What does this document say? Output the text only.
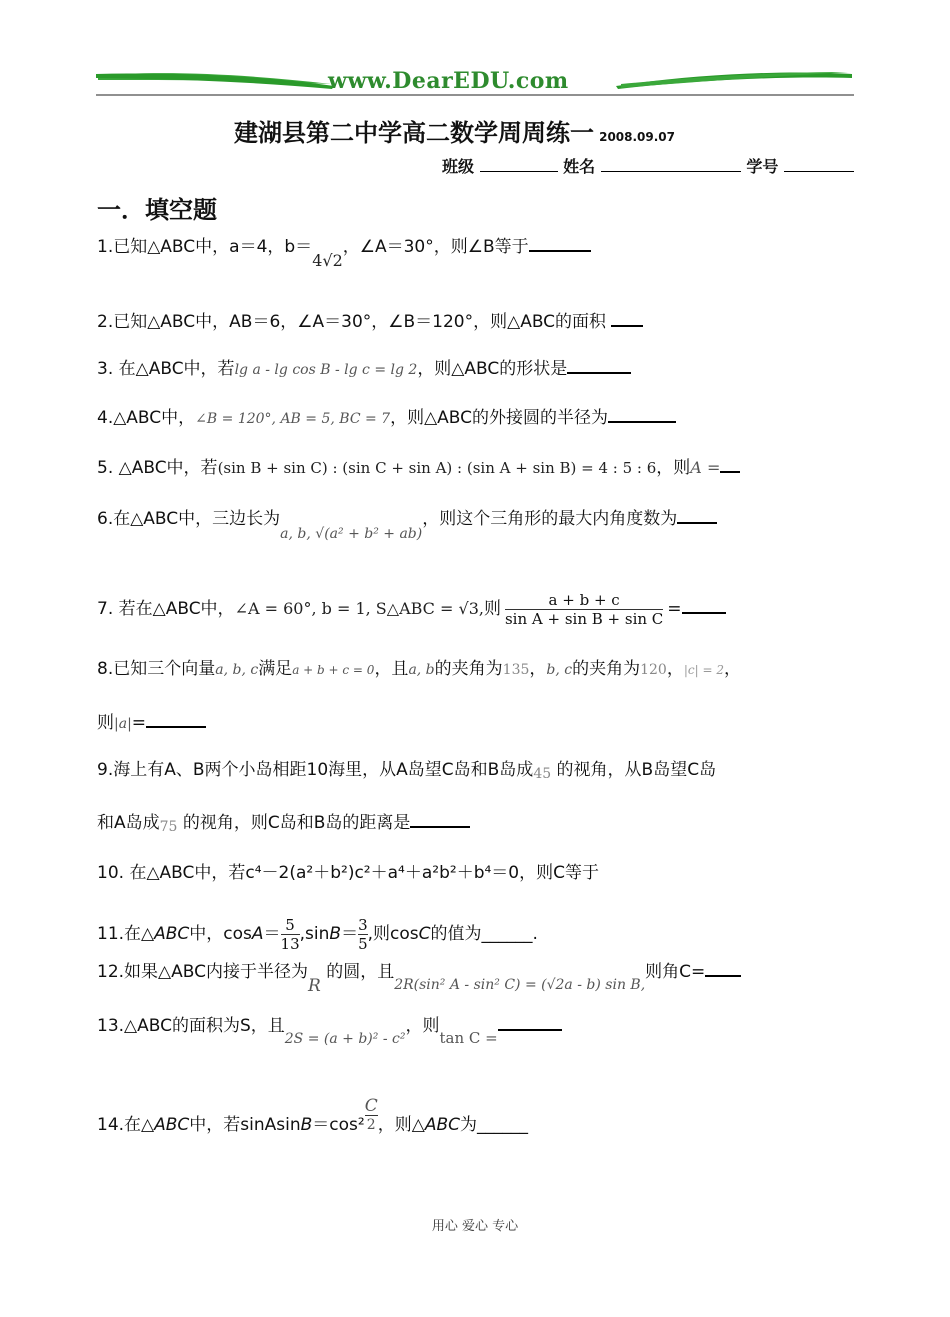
www.DearEDU.com
建湖县第二中学高二数学周周练一 2008.09.07
班级	姓名	学号
一．填空题
1.已知△ABC中，a＝4，b＝4√2，∠A＝30°，则∠B等于
2.已知△ABC中，AB＝6，∠A＝30°，∠B＝120°，则△ABC的面积
3. 在△ABC中，若lg a - lg cos B - lg c = lg 2，则△ABC的形状是
4.△ABC中，∠B = 120°, AB = 5, BC = 7，则△ABC的外接圆的半径为
5. △ABC中，若(sin B + sin C) : (sin C + sin A) : (sin A + sin B) = 4 : 5 : 6，则A =
6.在△ABC中，三边长为$_{a, b, √(a^2 + b^2 + ab)}$，则这个三角形的最大内角度数为
7. 若在△ABC中，∠A = 60°, b = 1, S△ABC = √3,则 $\frac{a + b + c}{\text{sin A + sin B + sin C}}$ =
8.已知三个向量a, b, c满足a + b + c = 0，且a, b的夹角为135，b, c的夹角为120，|c| = 2，
则|a|=
9.海上有A、B两个小岛相距10海里，从A岛望C岛和B岛成45 的视角，从B岛望C岛
和A岛成75 的视角，则C岛和B岛的距离是
10. 在△ABC中，若c⁴－2(a²＋b²)c²＋a⁴＋a²b²＋b⁴＝0，则C等于
11.在△ABC中，$\cos A= \frac{5}{13} ,\sin B= \frac{3}{5}$ ,则cosC的值为______.
12.如果△ABC内接于半径为R 的圆，且$_{2R(sin^2 A - sin^2 C) = (√2a - b) sin B,}$则角C=
13.△ABC的面积为S，且$_{2S = (a + b)^2 - c^2}$，则tan C =
14.在△ABC中，若sinAsinB＝cos² $\frac{C}{2}$ ，则△ABC为______
用心 爱心 专心
